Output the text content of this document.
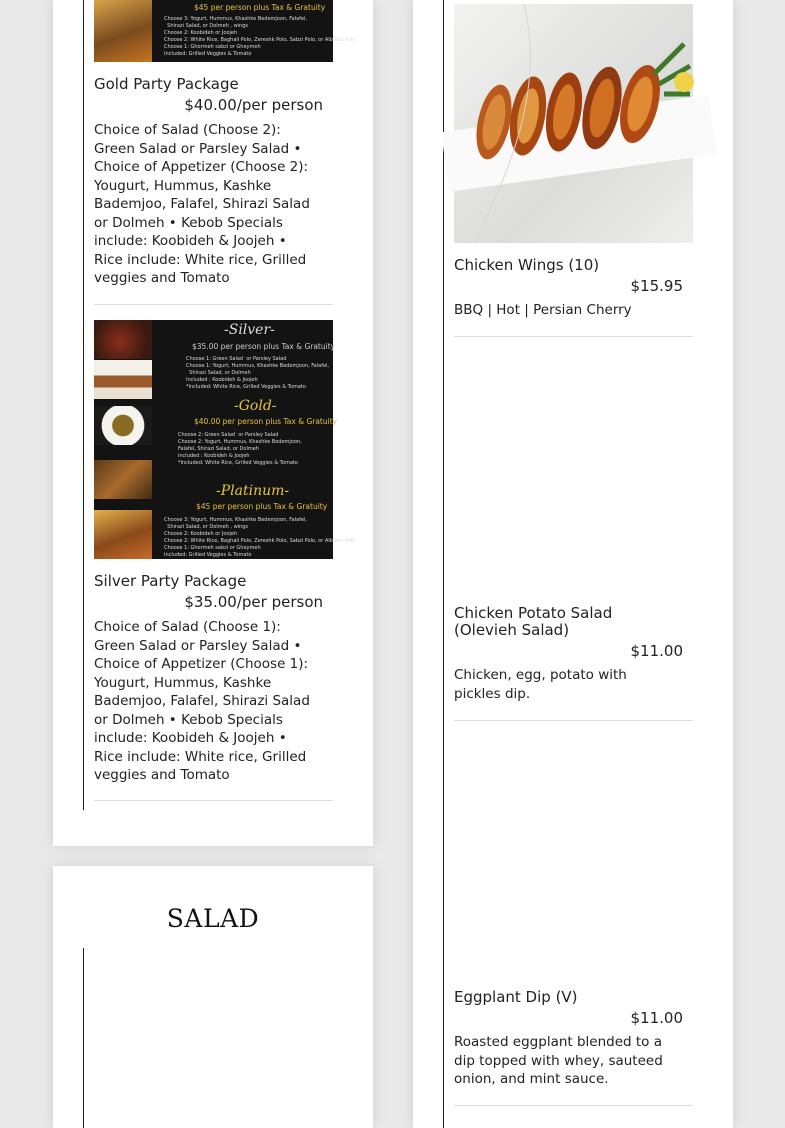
$45 per person plus Tax & Gratuity
Choose 3: Yogurt, Hummus, Khashke Bedemjoon, Falafel,
Shirazi Salad, or Dolmeh , wings
Choose 2: Koobideh or Joojeh
Choose 2: White Rice, Baghali Polo, Zereshk Polo, Sabzi Polo, or Albaloo Polo
Choose 1: Ghormeh sabzi or Gheymeh
Included: Grilled Veggies & Tomato
Gold Party Package
$40.00/per person
Choice of Salad (Choose 2): Green Salad or Parsley Salad • Choice of Appetizer (Choose 2): Yougurt, Hummus, Kashke Bademjoo, Falafel, Shirazi Salad or Dolmeh • Kebob Specials include: Koobideh & Joojeh • Rice include: White rice, Grilled veggies and Tomato
-Silver-
$35.00 per person plus Tax & Gratuity
Choose 1: Green Salad  or Parsley Salad
Choose 1: Yogurt, Hummus, Khashke Bedemjoon, Falafel,
Shirazi Salad, or Dolmeh
Included : Koobideh & Joojeh
*Included: White Rice, Grilled Veggies & Tomato
-Gold-
$40.00 per person plus Tax & Gratuity
Choose 2: Green Salad  or Parsley Salad
Choose 2: Yogurt, Hummus, Khashke Bedemjoon,
Falafel, Shirazi Salad, or Dolmeh
included : Koobideh & Joojeh
*Included: White Rice, Grilled Veggies & Tomato
-Platinum-
$45 per person plus Tax & Gratuity
Choose 3: Yogurt, Hummus, Khashke Bedemjoon, Falafel,
Shirazi Salad, or Dolmeh , wings
Choose 2: Koobideh or Joojeh
Choose 2: White Rice, Baghali Polo, Zereshk Polo, Sabzi Polo, or Albaloo Polo
Choose 1: Ghormeh sabzi or Gheymeh
Included: Grilled Veggies & Tomato
Silver Party Package
$35.00/per person
Choice of Salad (Choose 1): Green Salad or Parsley Salad • Choice of Appetizer (Choose 1): Yougurt, Hummus, Kashke Bademjoo, Falafel, Shirazi Salad or Dolmeh • Kebob Specials include: Koobideh & Joojeh • Rice include: White rice, Grilled veggies and Tomato
SALAD
Chicken Wings (10)
$15.95
BBQ | Hot | Persian Cherry
Chicken Potato Salad (Olevieh Salad)
$11.00
Chicken, egg, potato with pickles dip.
Eggplant Dip (V)
$11.00
Roasted eggplant blended to a dip topped with whey, sauteed onion, and mint sauce.
